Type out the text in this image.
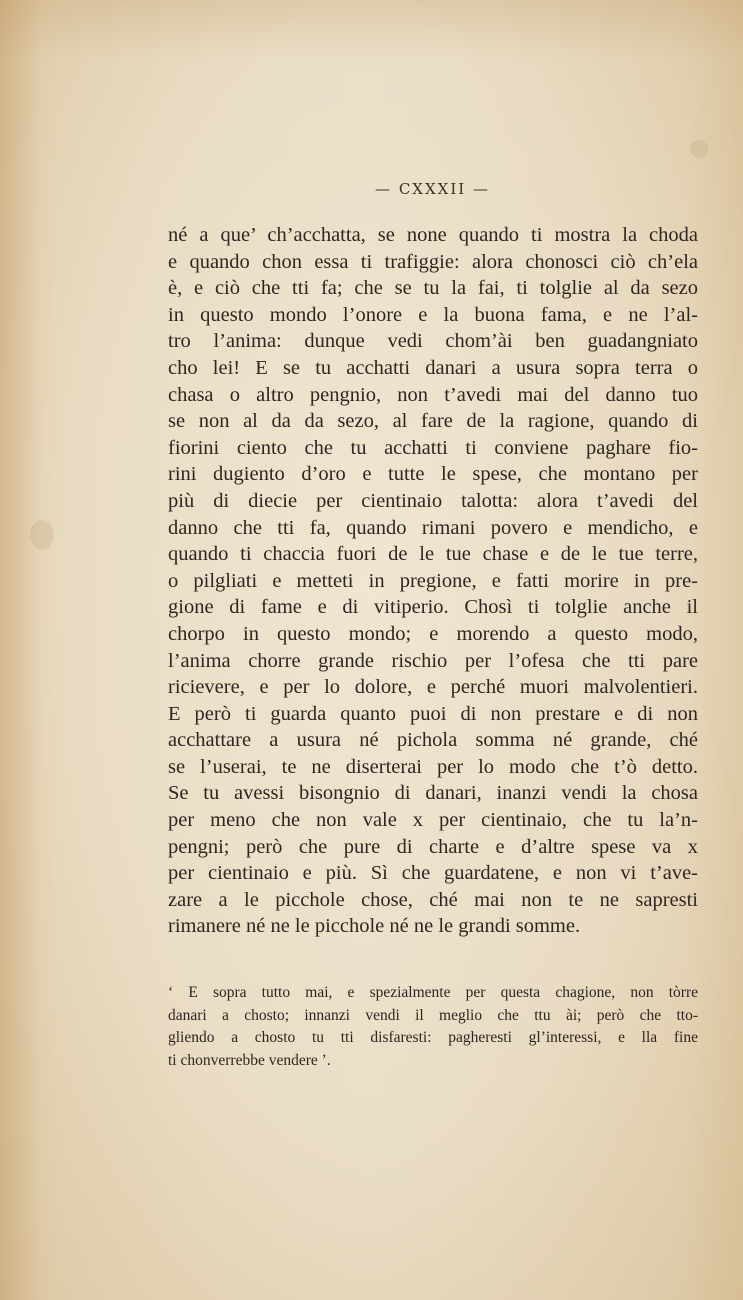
— CXXXII —
né a que’ ch’acchatta, se none quando ti mostra la choda
e quando chon essa ti trafiggie: alora chonosci ciò ch’ela
è, e ciò che tti fa; che se tu la fai, ti tolglie al da sezo
in questo mondo l’onore e la buona fama, e ne l’al-
tro l’anima: dunque vedi chom’ài ben guadangniato
cho lei! E se tu acchatti danari a usura sopra terra o
chasa o altro pengnio, non t’avedi mai del danno tuo
se non al da da sezo, al fare de la ragione, quando di
fiorini ciento che tu acchatti ti conviene paghare fio-
rini dugiento d’oro e tutte le spese, che montano per
più di diecie per cientinaio talotta: alora t’avedi del
danno che tti fa, quando rimani povero e mendicho, e
quando ti chaccia fuori de le tue chase e de le tue terre,
o pilgliati e metteti in pregione, e fatti morire in pre-
gione di fame e di vitiperio. Chosì ti tolglie anche il
chorpo in questo mondo; e morendo a questo modo,
l’anima chorre grande rischio per l’ofesa che tti pare
ricievere, e per lo dolore, e perché muori malvolentieri.
E però ti guarda quanto puoi di non prestare e di non
acchattare a usura né pichola somma né grande, ché
se l’userai, te ne diserterai per lo modo che t’ò detto.
Se tu avessi bisongnio di danari, inanzi vendi la chosa
per meno che non vale x per cientinaio, che tu la’n-
pengni; però che pure di charte e d’altre spese va x
per cientinaio e più. Sì che guardatene, e non vi t’ave-
zare a le picchole chose, ché mai non te ne sapresti
rimanere né ne le picchole né ne le grandi somme.
‘ E sopra tutto mai, e spezialmente per questa chagione, non tòrre
danari a chosto; innanzi vendi il meglio che ttu ài; però che tto-
gliendo a chosto tu tti disfaresti: pagheresti gl’interessi, e lla fine
ti chonverrebbe vendere ’.
